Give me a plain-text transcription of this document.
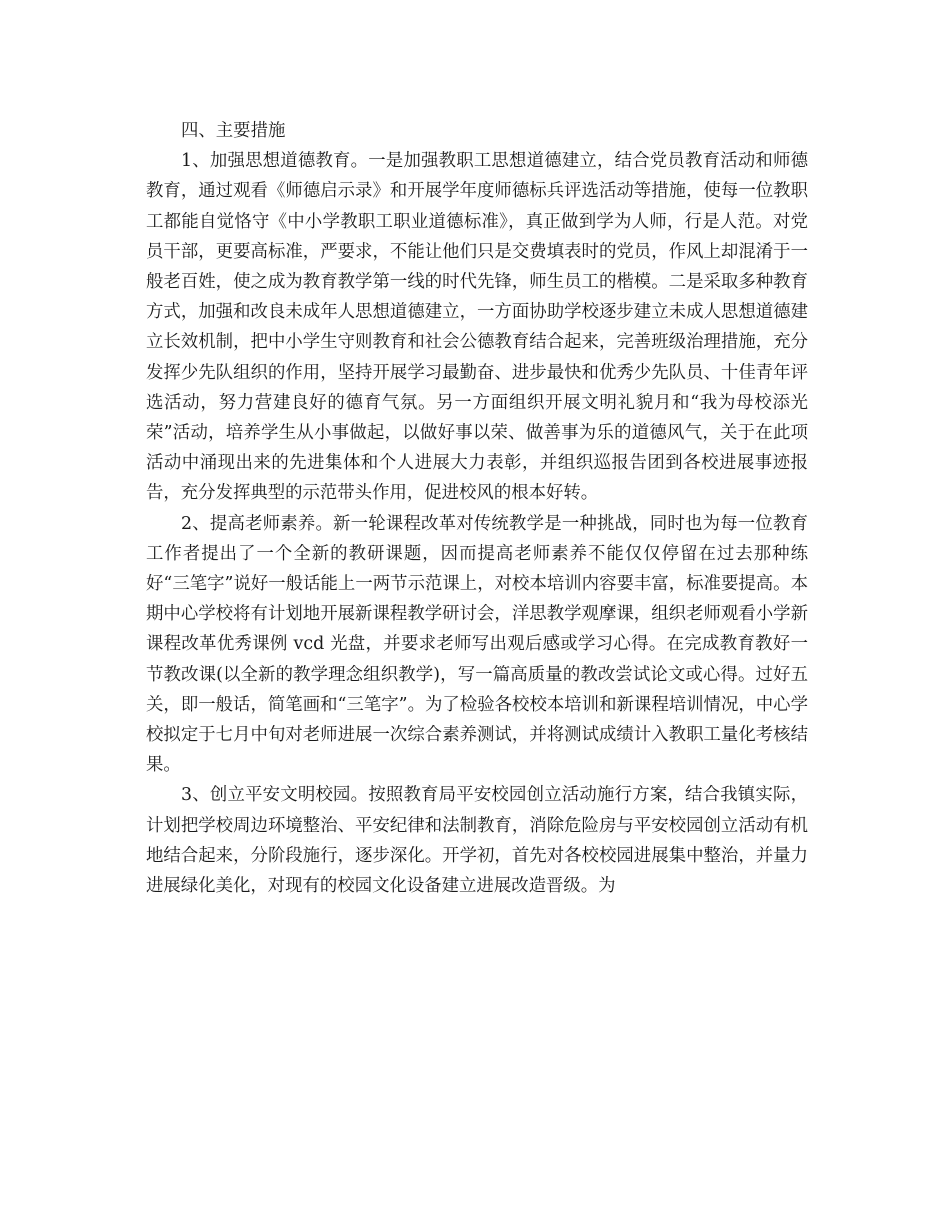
四、主要措施

1、加强思想道德教育。一是加强教职工思想道德建立，结合党员教育活动和师德教育，通过观看《师德启示录》和开展学年度师德标兵评选活动等措施，使每一位教职工都能自觉恪守《中小学教职工职业道德标准》，真正做到学为人师，行是人范。对党员干部，更要高标准，严要求，不能让他们只是交费填表时的党员，作风上却混淆于一般老百姓，使之成为教育教学第一线的时代先锋，师生员工的楷模。二是采取多种教育方式，加强和改良未成年人思想道德建立，一方面协助学校逐步建立未成人思想道德建立长效机制，把中小学生守则教育和社会公德教育结合起来，完善班级治理措施，充分发挥少先队组织的作用，坚持开展学习最勤奋、进步最快和优秀少先队员、十佳青年评选活动，努力营建良好的德育气氛。另一方面组织开展文明礼貌月和“我为母校添光荣”活动，培养学生从小事做起，以做好事以荣、做善事为乐的道德风气，关于在此项活动中涌现出来的先进集体和个人进展大力表彰，并组织巡报告团到各校进展事迹报告，充分发挥典型的示范带头作用，促进校风的根本好转。

2、提高老师素养。新一轮课程改革对传统教学是一种挑战，同时也为每一位教育工作者提出了一个全新的教研课题，因而提高老师素养不能仅仅停留在过去那种练好“三笔字”说好一般话能上一两节示范课上，对校本培训内容要丰富，标准要提高。本期中心学校将有计划地开展新课程教学研讨会，洋思教学观摩课，组织老师观看小学新课程改革优秀课例 vcd 光盘，并要求老师写出观后感或学习心得。在完成教育教好一节教改课(以全新的教学理念组织教学)，写一篇高质量的教改尝试论文或心得。过好五关，即一般话，简笔画和“三笔字”。为了检验各校校本培训和新课程培训情况，中心学校拟定于七月中旬对老师进展一次综合素养测试，并将测试成绩计入教职工量化考核结果。

3、创立平安文明校园。按照教育局平安校园创立活动施行方案，结合我镇实际，计划把学校周边环境整治、平安纪律和法制教育，消除危险房与平安校园创立活动有机地结合起来，分阶段施行，逐步深化。开学初，首先对各校校园进展集中整治，并量力进展绿化美化，对现有的校园文化设备建立进展改造晋级。为
